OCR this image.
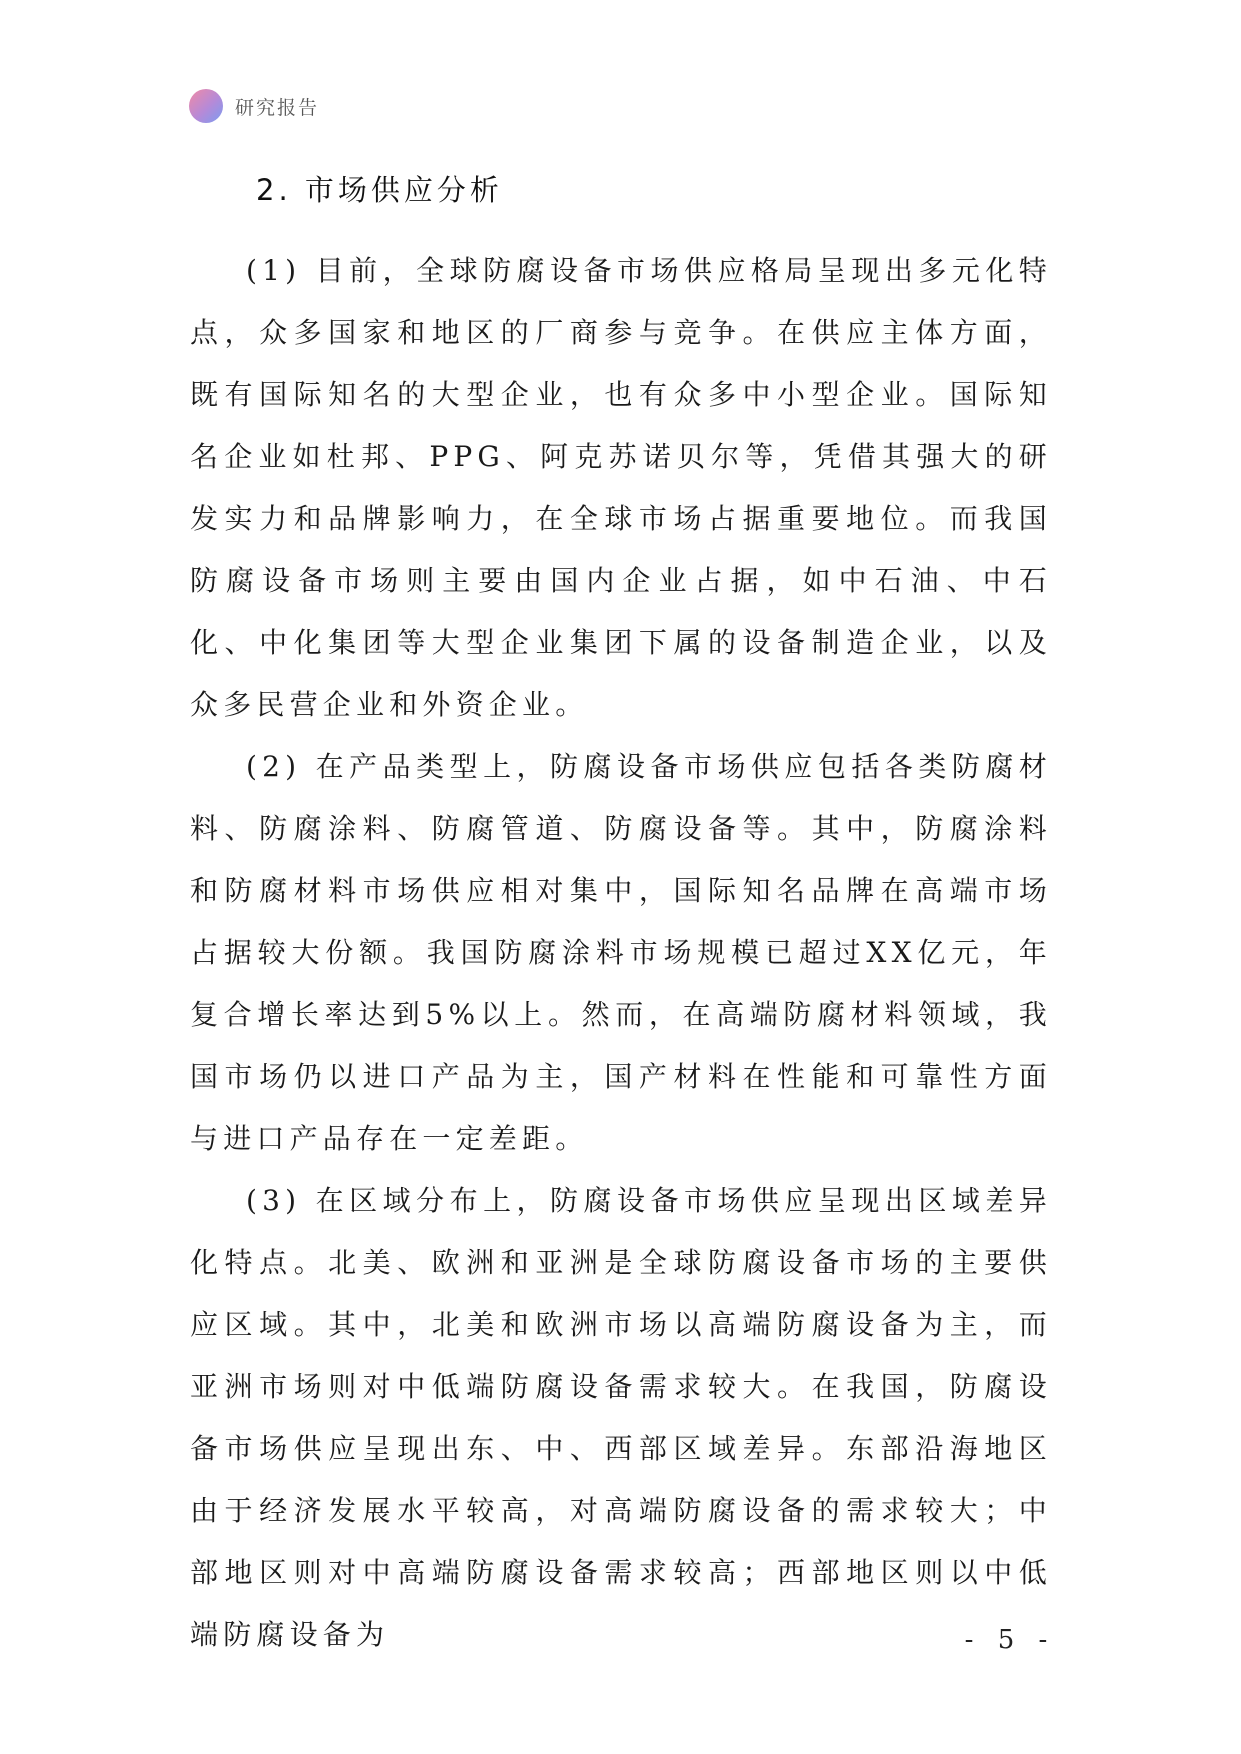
研究报告
2. 市场供应分析

(1) 目前，全球防腐设备市场供应格局呈现出多元化特点，众多国家和地区的厂商参与竞争。在供应主体方面，既有国际知名的大型企业，也有众多中小型企业。国际知名企业如杜邦、PPG、阿克苏诺贝尔等，凭借其强大的研发实力和品牌影响力，在全球市场占据重要地位。而我国防腐设备市场则主要由国内企业占据，如中石油、中石化、中化集团等大型企业集团下属的设备制造企业，以及众多民营企业和外资企业。

(2) 在产品类型上，防腐设备市场供应包括各类防腐材料、防腐涂料、防腐管道、防腐设备等。其中，防腐涂料和防腐材料市场供应相对集中，国际知名品牌在高端市场占据较大份额。我国防腐涂料市场规模已超过XX亿元，年复合增长率达到5%以上。然而，在高端防腐材料领域，我国市场仍以进口产品为主，国产材料在性能和可靠性方面与进口产品存在一定差距。

(3) 在区域分布上，防腐设备市场供应呈现出区域差异化特点。北美、欧洲和亚洲是全球防腐设备市场的主要供应区域。其中，北美和欧洲市场以高端防腐设备为主，而亚洲市场则对中低端防腐设备需求较大。在我国，防腐设备市场供应呈现出东、中、西部区域差异。东部沿海地区由于经济发展水平较高，对高端防腐设备的需求较大；中部地区则对中高端防腐设备需求较高；西部地区则以中低端防腐设备为	- 5 -
